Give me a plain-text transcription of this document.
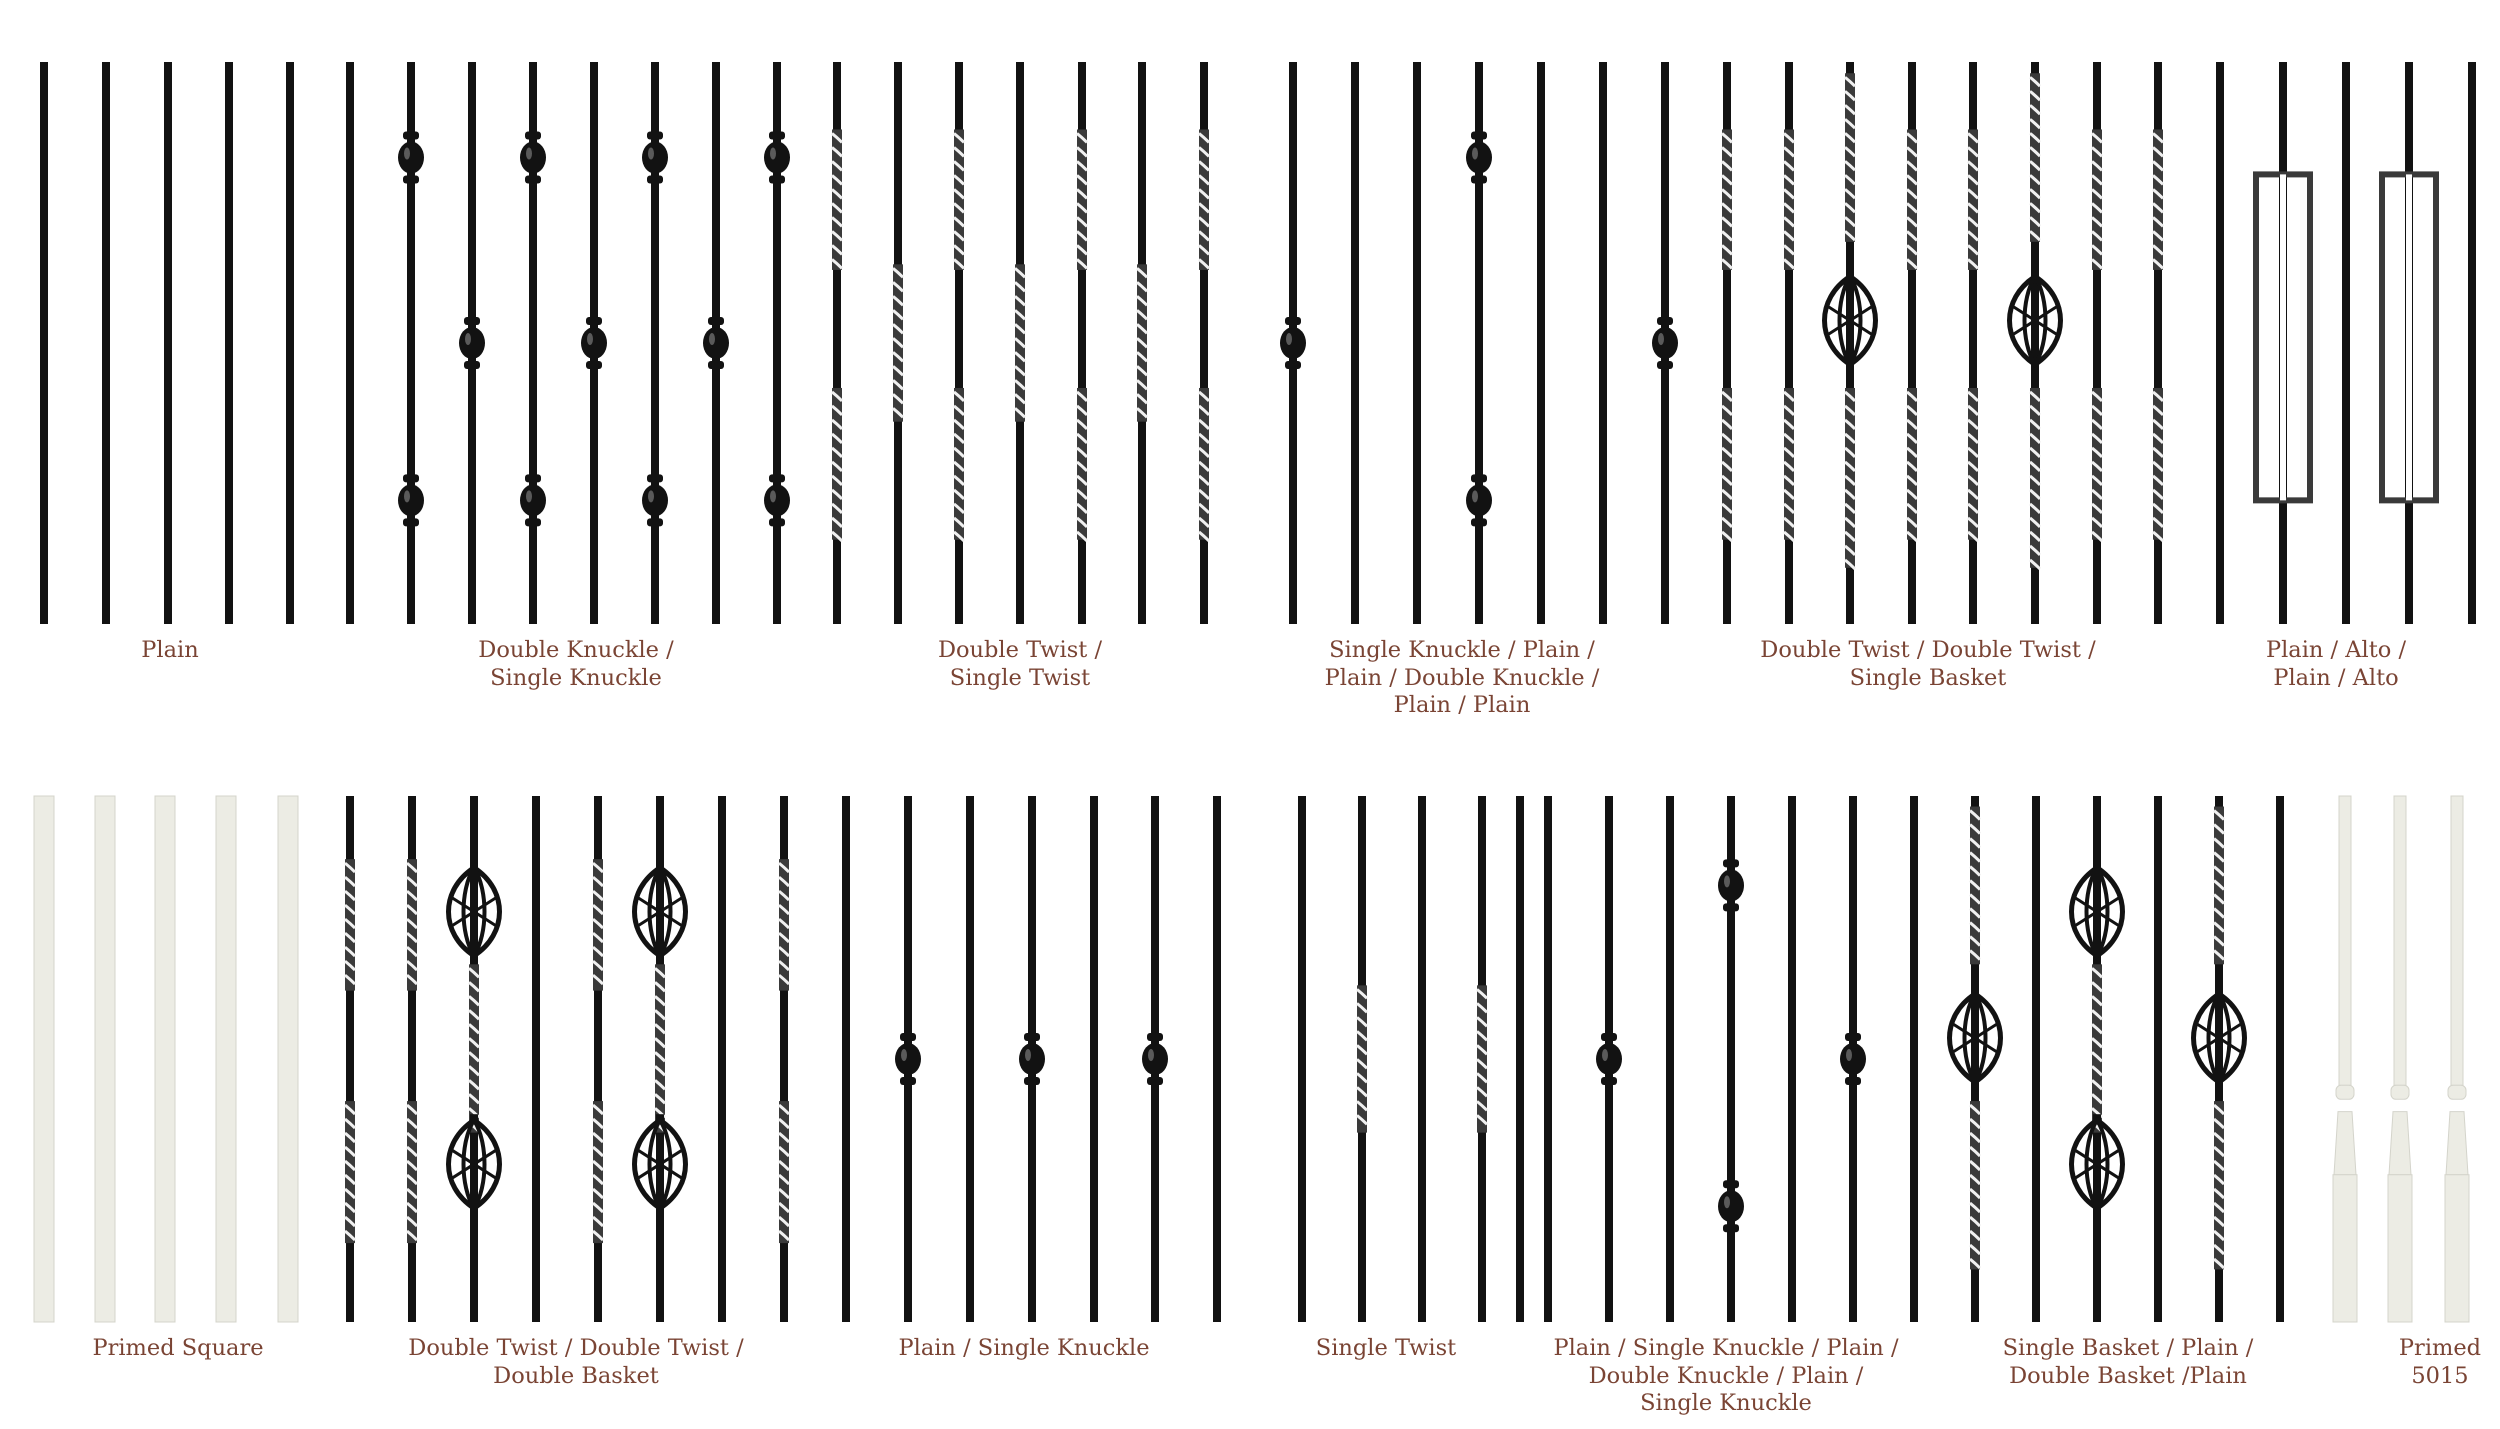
Plain	Double Knuckle /
Single Knuckle
Double Twist /
Single Twist
Single Knuckle / Plain /
Plain / Double Knuckle /
Plain / Plain
Double Twist / Double Twist /
Single Basket
Plain / Alto /
Plain / Alto
Primed Square	Double Twist / Double Twist /
Double Basket
Plain / Single Knuckle	Single Twist	Plain / Single Knuckle / Plain /
Double Knuckle / Plain /
Single Knuckle
Single Basket / Plain /
Double Basket /Plain
Primed 5015
